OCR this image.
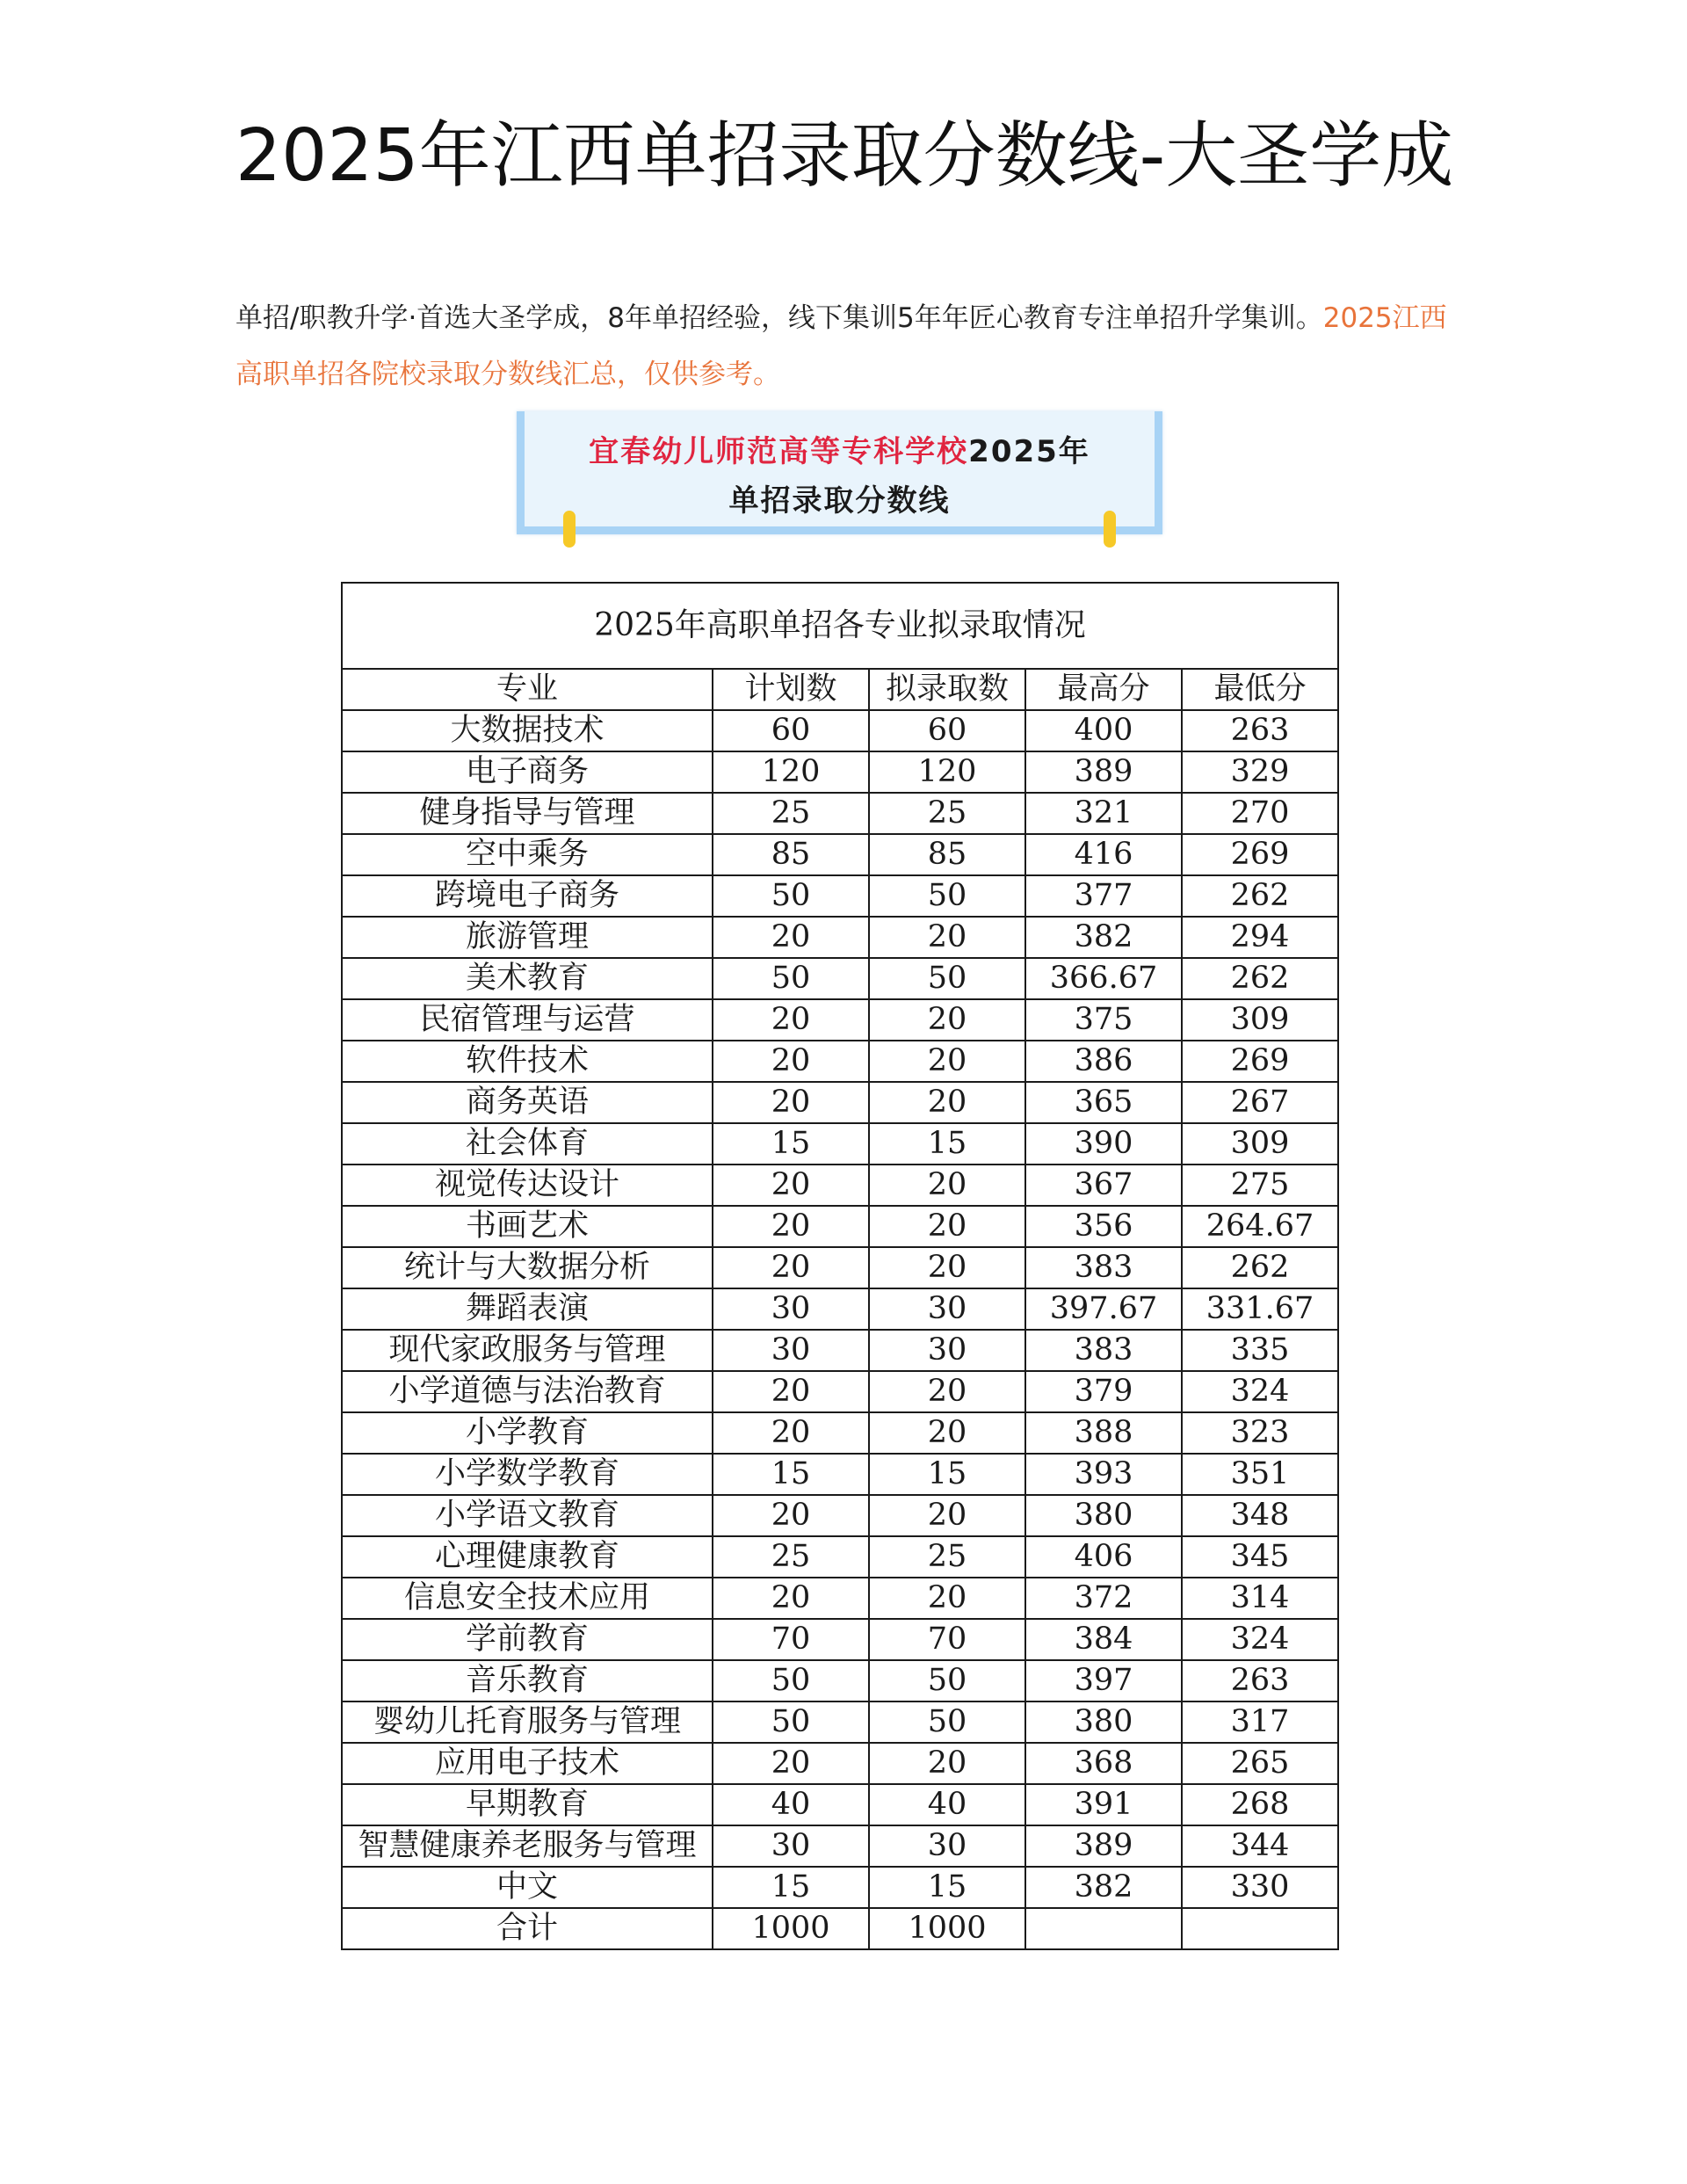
2025年江西单招录取分数线-大圣学成

单招/职教升学·首选大圣学成，8年单招经验，线下集训5年年匠心教育专注单招升学集训。2025江西高职单招各院校录取分数线汇总，仅供参考。

宜春幼儿师范高等专科学校2025年
单招录取分数线
2025年高职单招各专业拟录取情况				
专业	计划数	拟录取数	最高分	最低分
大数据技术	60	60	400	263
电子商务	120	120	389	329
健身指导与管理	25	25	321	270
空中乘务	85	85	416	269
跨境电子商务	50	50	377	262
旅游管理	20	20	382	294
美术教育	50	50	366.67	262
民宿管理与运营	20	20	375	309
软件技术	20	20	386	269
商务英语	20	20	365	267
社会体育	15	15	390	309
视觉传达设计	20	20	367	275
书画艺术	20	20	356	264.67
统计与大数据分析	20	20	383	262
舞蹈表演	30	30	397.67	331.67
现代家政服务与管理	30	30	383	335
小学道德与法治教育	20	20	379	324
小学教育	20	20	388	323
小学数学教育	15	15	393	351
小学语文教育	20	20	380	348
心理健康教育	25	25	406	345
信息安全技术应用	20	20	372	314
学前教育	70	70	384	324
音乐教育	50	50	397	263
婴幼儿托育服务与管理	50	50	380	317
应用电子技术	20	20	368	265
早期教育	40	40	391	268
智慧健康养老服务与管理	30	30	389	344
中文	15	15	382	330
合计	1000	1000		
